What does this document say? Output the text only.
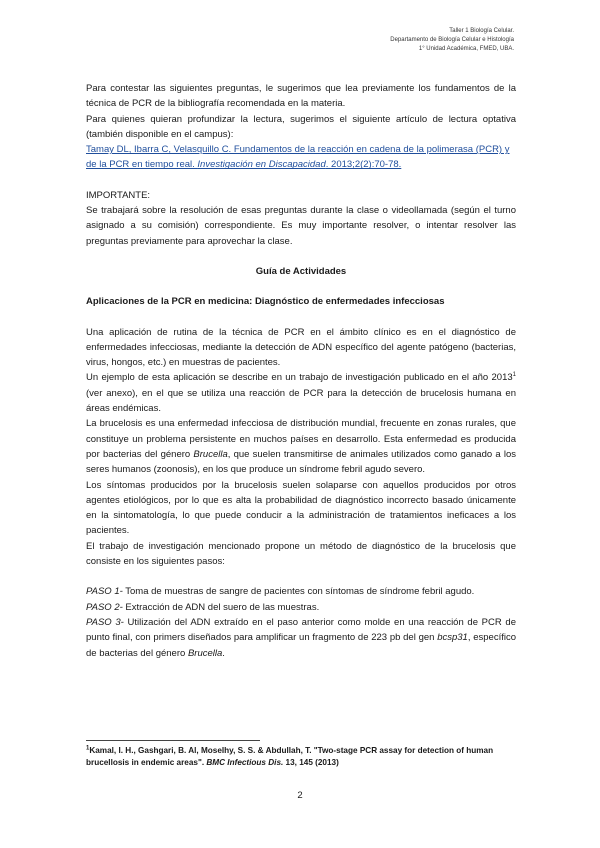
Taller 1 Biología Celular.
Departamento de Biología Celular e Histología
1° Unidad Académica, FMED, UBA.

Para contestar las siguientes preguntas, le sugerimos que lea previamente los fundamentos de la técnica de PCR de la bibliografía recomendada en la materia.

Para quienes quieran profundizar la lectura, sugerimos el siguiente artículo de lectura optativa (también disponible en el campus):

Tamay DL, Ibarra C, Velasquillo C. Fundamentos de la reacción en cadena de la polimerasa (PCR) y de la PCR en tiempo real. Investigación en Discapacidad. 2013;2(2):70-78.

IMPORTANTE:

Se trabajará sobre la resolución de esas preguntas durante la clase o videollamada (según el turno asignado a su comisión) correspondiente. Es muy importante resolver, o intentar resolver las preguntas previamente para aprovechar la clase.

Guía de Actividades

Aplicaciones de la PCR en medicina: Diagnóstico de enfermedades infecciosas

Una aplicación de rutina de la técnica de PCR en el ámbito clínico es en el diagnóstico de enfermedades infecciosas, mediante la detección de ADN específico del agente patógeno (bacterias, virus, hongos, etc.) en muestras de pacientes.

Un ejemplo de esta aplicación se describe en un trabajo de investigación publicado en el año 2013$^1$ (ver anexo), en el que se utiliza una reacción de PCR para la detección de brucelosis humana en áreas endémicas.

La brucelosis es una enfermedad infecciosa de distribución mundial, frecuente en zonas rurales, que constituye un problema persistente en muchos países en desarrollo. Esta enfermedad es producida por bacterias del género Brucella, que suelen transmitirse de animales utilizados como ganado a los seres humanos (zoonosis), en los que produce un síndrome febril agudo severo.

Los síntomas producidos por la brucelosis suelen solaparse con aquellos producidos por otros agentes etiológicos, por lo que es alta la probabilidad de diagnóstico incorrecto basado únicamente en la sintomatología, lo que puede conducir a la administración de tratamientos ineficaces a los pacientes.

El trabajo de investigación mencionado propone un método de diagnóstico de la brucelosis que consiste en los siguientes pasos:

PASO 1- Toma de muestras de sangre de pacientes con síntomas de síndrome febril agudo.

PASO 2- Extracción de ADN del suero de las muestras.

PASO 3- Utilización del ADN extraído en el paso anterior como molde en una reacción de PCR de punto final, con primers diseñados para amplificar un fragmento de 223 pb del gen bcsp31, específico de bacterias del género Brucella.

$^1$Kamal, I. H., Gashgari, B. Al, Moselhy, S. S. & Abdullah, T. "Two-stage PCR assay for detection of human brucellosis in endemic areas". BMC Infectious Dis. 13, 145 (2013)
2
